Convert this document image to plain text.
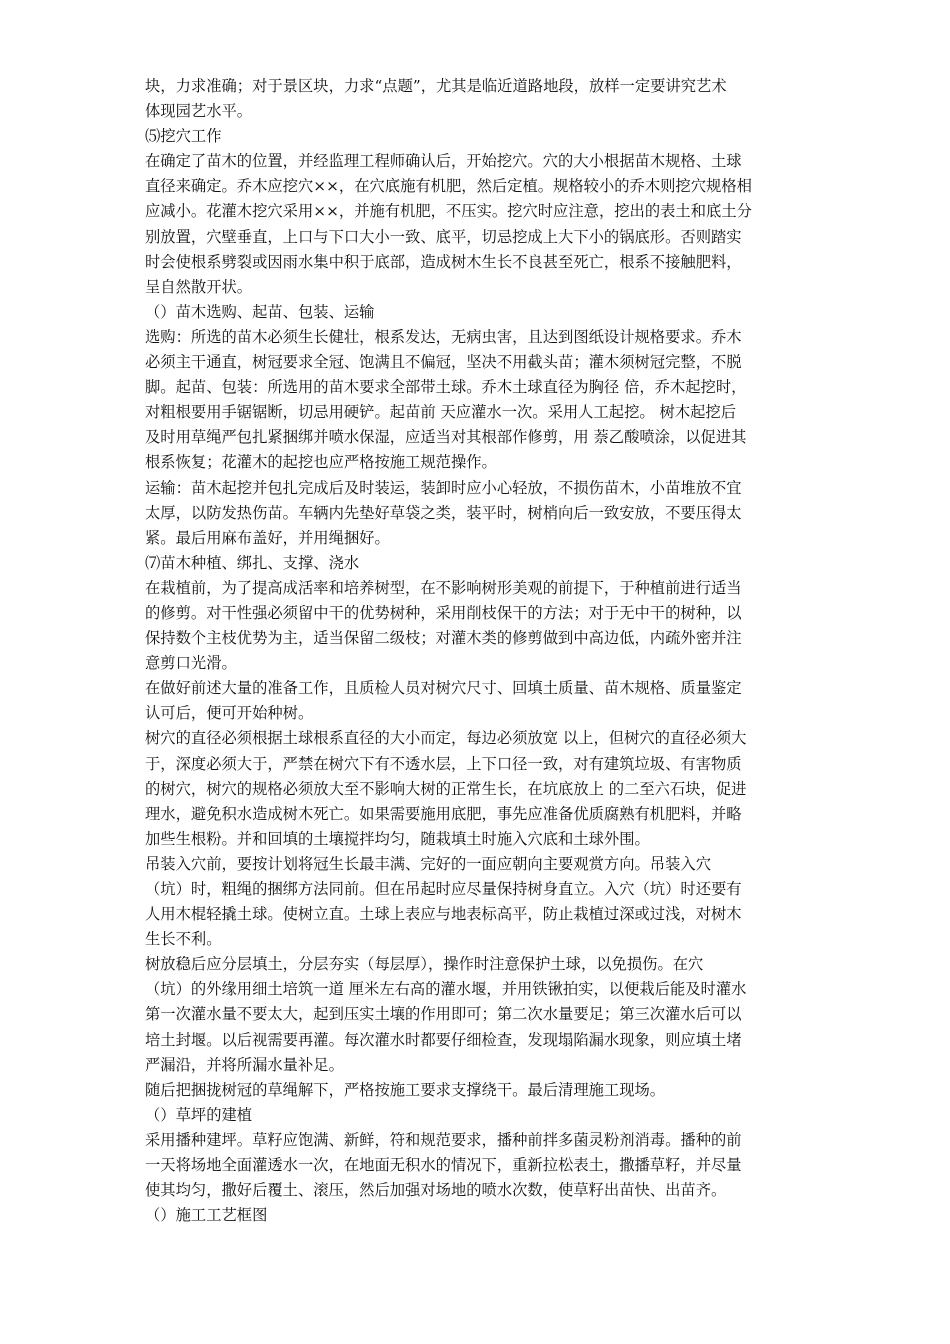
块，力求准确；对于景区块，力求“点题”，尤其是临近道路地段，放样一定要讲究艺术
体现园艺水平。
⑸挖穴工作
在确定了苗木的位置，并经监理工程师确认后，开始挖穴。穴的大小根据苗木规格、土球
直径来确定。乔木应挖穴××，在穴底施有机肥，然后定植。规格较小的乔木则挖穴规格相
应减小。花灌木挖穴采用××，并施有机肥，不压实。挖穴时应注意，挖出的表土和底土分
别放置，穴壁垂直，上口与下口大小一致、底平，切忌挖成上大下小的锅底形。否则踏实
时会使根系劈裂或因雨水集中积于底部，造成树木生长不良甚至死亡，根系不接触肥料，
呈自然散开状。
（）苗木选购、起苗、包装、运输
选购：所选的苗木必须生长健壮，根系发达，无病虫害，且达到图纸设计规格要求。乔木
必须主干通直，树冠要求全冠、饱满且不偏冠，坚决不用截头苗；灌木须树冠完整，不脱
脚。起苗、包装：所选用的苗木要求全部带土球。乔木土球直径为胸径 倍，乔木起挖时，
对粗根要用手锯锯断，切忌用硬铲。起苗前 天应灌水一次。采用人工起挖。 树木起挖后
及时用草绳严包扎紧捆绑并喷水保湿，应适当对其根部作修剪，用 萘乙酸喷涂，以促进其
根系恢复；花灌木的起挖也应严格按施工规范操作。
运输：苗木起挖并包扎完成后及时装运，装卸时应小心轻放，不损伤苗木，小苗堆放不宜
太厚，以防发热伤苗。车辆内先垫好草袋之类，装平时，树梢向后一致安放，不要压得太
紧。最后用麻布盖好，并用绳捆好。
⑺苗木种植、绑扎、支撑、浇水
在栽植前，为了提高成活率和培养树型，在不影响树形美观的前提下，于种植前进行适当
的修剪。对干性强必须留中干的优势树种，采用削枝保干的方法；对于无中干的树种，以
保持数个主枝优势为主，适当保留二级枝；对灌木类的修剪做到中高边低，内疏外密并注
意剪口光滑。
在做好前述大量的准备工作，且质检人员对树穴尺寸、回填土质量、苗木规格、质量鉴定
认可后，便可开始种树。
树穴的直径必须根据土球根系直径的大小而定，每边必须放宽 以上，但树穴的直径必须大
于，深度必须大于，严禁在树穴下有不透水层，上下口径一致，对有建筑垃圾、有害物质
的树穴，树穴的规格必须放大至不影响大树的正常生长，在坑底放上 的二至六石块，促进
理水，避免积水造成树木死亡。如果需要施用底肥，事先应准备优质腐熟有机肥料，并略
加些生根粉。并和回填的土壤搅拌均匀，随栽填土时施入穴底和土球外围。
吊装入穴前，要按计划将冠生长最丰满、完好的一面应朝向主要观赏方向。吊装入穴
（坑）时，粗绳的捆绑方法同前。但在吊起时应尽量保持树身直立。入穴（坑）时还要有
人用木棍轻撬土球。使树立直。土球上表应与地表标高平，防止栽植过深或过浅，对树木
生长不利。
树放稳后应分层填土，分层夯实（每层厚），操作时注意保护土球，以免损伤。在穴
（坑）的外缘用细土培筑一道 厘米左右高的灌水堰，并用铁锹拍实，以便栽后能及时灌水
第一次灌水量不要太大，起到压实土壤的作用即可；第二次水量要足；第三次灌水后可以
培土封堰。以后视需要再灌。每次灌水时都要仔细检查，发现塌陷漏水现象，则应填土堵
严漏沿，并将所漏水量补足。
随后把捆拢树冠的草绳解下，严格按施工要求支撑绕干。最后清理施工现场。
（）草坪的建植
采用播种建坪。草籽应饱满、新鲜，符和规范要求，播种前拌多菌灵粉剂消毒。播种的前
一天将场地全面灌透水一次，在地面无积水的情况下，重新拉松表土，撒播草籽，并尽量
使其均匀，撒好后覆土、滚压，然后加强对场地的喷水次数，使草籽出苗快、出苗齐。
（）施工工艺框图
